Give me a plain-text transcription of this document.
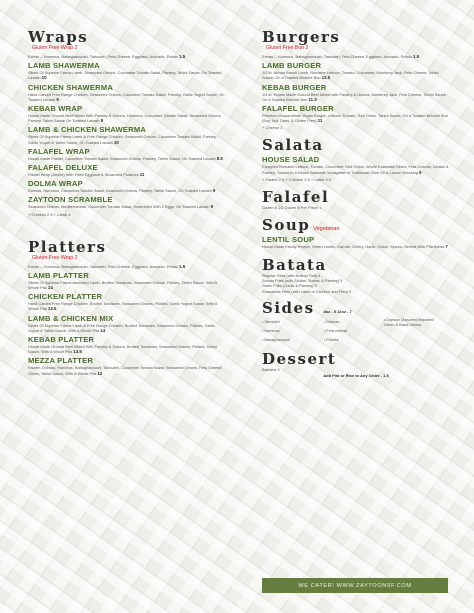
Wraps
Gluten Free Wrap 2
Extras -- Hummus, Babaghanoush, Tabouleh, Feta Cheese, Eggplant, Avocado, Potato 1.5
LAMB SHAWERMA
Slices Of Superior Farms Lamb, Seasoned Onions, Cucumber Tomato Salad, Parsley, Tahini Sauce, On Toasted Lavash 10
CHICKEN SHAWERMA
Hand Carved Free Range Chicken, Seasoned Onions, Cucumber Tomato Salad, Parsley, Garlic Yogurt Sauce, On Toasted Lavash 9
KEBAB WRAP
House Made Ground Beef Mixed With Parsley & Onions, Hummus, Cucumber Tomato Salad, Seasoned Onions, Parsley, Tahini Sauce On Toasted Lavash 9
LAMB & CHICKEN SHAWERMA
Slices Of Superior Farms Lamb & Free Range Chicken, Seasoned Onions, Cucumber Tomato Salad, Parsley, Garlic Yogurt & Tahini Sauce, On Toasted Lavash 10
FALAFEL WRAP
House Made Falafel, Cucumber Tomato Salad, Seasoned Onions, Parsley, Tahini Sauce, On Toasted Lavash 8.5
FALAFEL DELUXE
Falafel Wrap (Above) With Fried Eggplant & Seasoned Potatoes 11
DOLMA WRAP
Dolmas, Hummus, Cucumber Tomato Salad, Seasoned Onions, Parsley, Tahini Sauce, On Toasted Lavash 9
ZAYTOON SCRAMBLE
Seasoned Onions, Mediterranean, Cucumber Tomato Salad, Scrambled With 2 Eggs, On Toasted Lavash 9
+ Chicken 2.5 + Lamb 4
Platters
Gluten Free Wrap 2
Extras -- Hummus, Babaghanoush, Tabouleh, Feta Cheese, Eggplant, Avocado, Potato 1.5
LAMB PLATTER
Slices Of Superior Farms American Lamb, Broiled Tomatoes, Seasoned Onions, Pickles, Tahini Sauce, With A Whole Pita 14
CHICKEN PLATTER
Hand Carved Free Range Chicken, Broiled Tomatoes, Seasoned Onions, Pickles, Garlic Yogurt Sauce, With A Whole Pita 13.5
LAMB & CHICKEN MIX
Slices Of Superior Farms Lamb & Free Range Chicken, Broiled Tomatoes, Seasoned Onions, Pickles, Garlic Yogurt & Tahini Sauce, With A Whole Pita 14
KEBAB PLATTER
House Made Ground Beef Mixed With Parsley & Onions, Broiled Tomatoes, Seasoned Onions, Pickles, Tahini Sauce, With A Whole Pita 13.5
MEZZA PLATTER
Falafel, Dolmas, Hummus, Babaghanoush, Tabouleh, Cucumber Tomato Salad, Seasoned Onions, Feta Cheese, Olives, Tahini Sauce, With A Whole Pita 12
Burgers
Gluten Free Bun 2
Extras -- Hummus, Babaghanoush, Tabouleh, Feta Cheese, Eggplant, Avocado, Potato 1.5
LAMB BURGER
1/3 lb. Niman Ranch Lamb, Romaine Lettuce, Tomato, Cucumber, Monterey Jack, Feta Cheese, Tahini Sauce, On a Toasted Brioche Bun 12.5
KEBAB BURGER
1/3 lb. House Made Ground Beef Mixed with Parsley & Onions, Monterey Jack, Feta Cheese, Tahini Sauce, On a Toasted Brioche Bun 11.5
FALAFEL BURGER
Premium House-Made Vegan Burger, Lettuce, Tomato, Red Onion, Tahini Sauce, On a Toasted Brioche Bun (Soy, Nut, Dairy, & Gluten Free) 11
+ Cheese 1
Salata
HOUSE SALAD
Chopped Romaine Lettuce, Tomato, Cucumber, Red Onion, Whole Kalamata Olives, Feta Cheese, Za'atar & Parsley, Tossed In a House Balsamic Vinaigrette or Traditional Olive Oil & Lemon Dressing 9
+ Falafel 2.5 + Chicken 3.5 + Lamb 4.5
Falafel
Dozen 8 1/2 Dozen 5 Per Piece 1
Soup Vegetarian
LENTIL SOUP
House Made Family Recipe, Green Lentils, Carrots, Celery, Garlic, Onion, Spices, Served With Pita Bread 7
Batata
Regular Fries (with Kosher Salt) 4
Za'atar Fries (with Za'atar, Sumac & Parsley) 5
Garlic Fries (Garlic & Parsley) 5
Shawarma Fries (with Lamb or Chicken and Feta) 9
Sides 8oz - 5 12oz - 7
• Tabouleh
• Hummus
• Babaghanoush
• Dolmas
• Feta cheese
• Pickles
• Zaytoon (Assorted Imported Green & Black Olives)
Dessert
Baklava 3
Add Pita or Rice to Any Order - 1.5
WE CATER! WWW.ZAYTOONSF.COM
